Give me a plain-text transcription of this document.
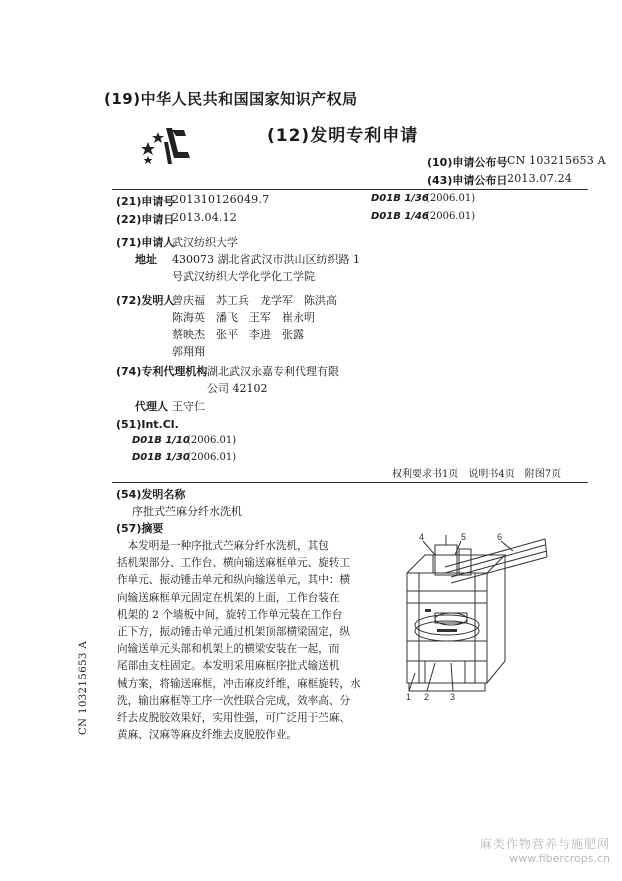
(19)中华人民共和国国家知识产权局
(12)发明专利申请
(10)申请公布号 CN 103215653 A
(43)申请公布日 2013.07.24
(21)申请号
201310126049.7
(22)申请日
2013.04.12
(71)申请人
武汉纺织大学
地址 430073 湖北省武汉市洪山区纺织路 1
号武汉纺织大学化学化工学院
(72)发明人
曾庆福　苏工兵　龙学军　陈洪高
陈海英　潘飞　王军　崔永明
蔡映杰　张平　李进　张露
郭翔翔
(74)专利代理机构 湖北武汉永嘉专利代理有限
公司 42102
代理人 王守仁
(51)Int.Cl.
D01B 1/10
(2006.01)
D01B 1/30
(2006.01)
D01B 1/36
(2006.01)
D01B 1/46
(2006.01)
权利要求书1页　说明书4页　附图7页
(54)发明名称
序批式苎麻分纤水洗机
(57)摘要
　本发明是一种序批式苎麻分纤水洗机，其包
括机架部分、工作台、横向输送麻框单元、旋转工
作单元、振动锤击单元和纵向输送单元，其中：横
向输送麻框单元固定在机架的上面，工作台装在
机架的 2 个墙板中间，旋转工作单元装在工作台
正下方，振动锤击单元通过机架顶部横梁固定，纵
向输送单元头部和机架上的横梁安装在一起，而
尾部由支柱固定。本发明采用麻框序批式输送机
械方案，将输送麻框，冲击麻皮纤维，麻框旋转，水
洗，输出麻框等工序一次性联合完成，效率高、分
纤去皮脱胶效果好，实用性强，可广泛用于苎麻、
黄麻、汉麻等麻皮纤维去皮脱胶作业。
4	5	6
1 2 3
CN 103215653 A
麻类作物营养与施肥网
www.fibercrops.cn
